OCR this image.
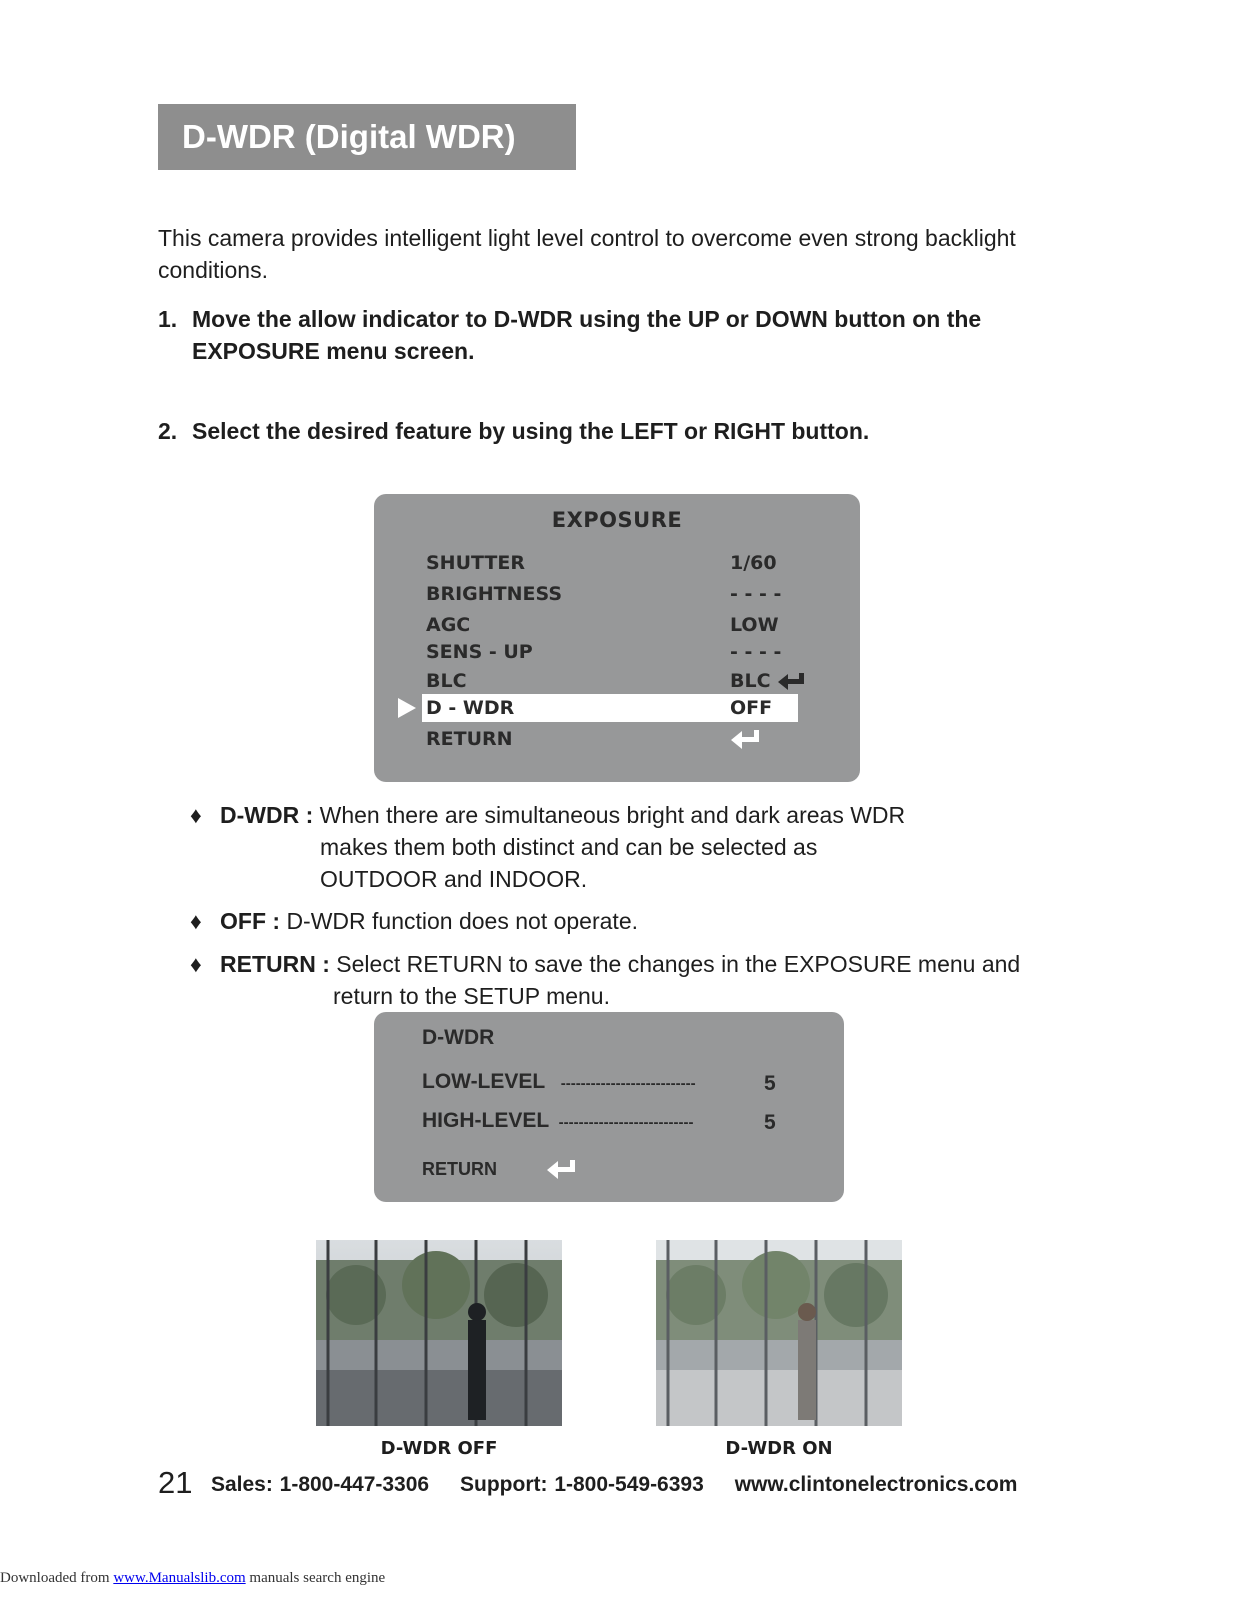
D-WDR (Digital WDR)
This camera provides intelligent light level control to overcome even strong backlight conditions.
1. Move the allow indicator to D-WDR using the UP or DOWN button on the EXPOSURE menu screen.
2. Select the desired feature by using the LEFT or RIGHT button.
EXPOSURE
SHUTTER	1/60
BRIGHTNESS	- - - -
AGC	LOW
SENS - UP	- - - -
BLC	BLC
D - WDR	OFF
RETURN
♦ D-WDR : When there are simultaneous bright and dark areas WDR
makes them both distinct and can be selected as
OUTDOOR and INDOOR.
♦ OFF : D-WDR function does not operate.
♦ RETURN : Select RETURN to save the changes in the EXPOSURE menu and
return to the SETUP menu.
D-WDR
LOW-LEVEL ---------------------------	5
HIGH-LEVEL ---------------------------	5
RETURN
D-WDR OFF	D-WDR ON
21 Sales: 1-800-447-3306 Support: 1-800-549-6393 www.clintonelectronics.com
Downloaded from www.Manualslib.com manuals search engine
